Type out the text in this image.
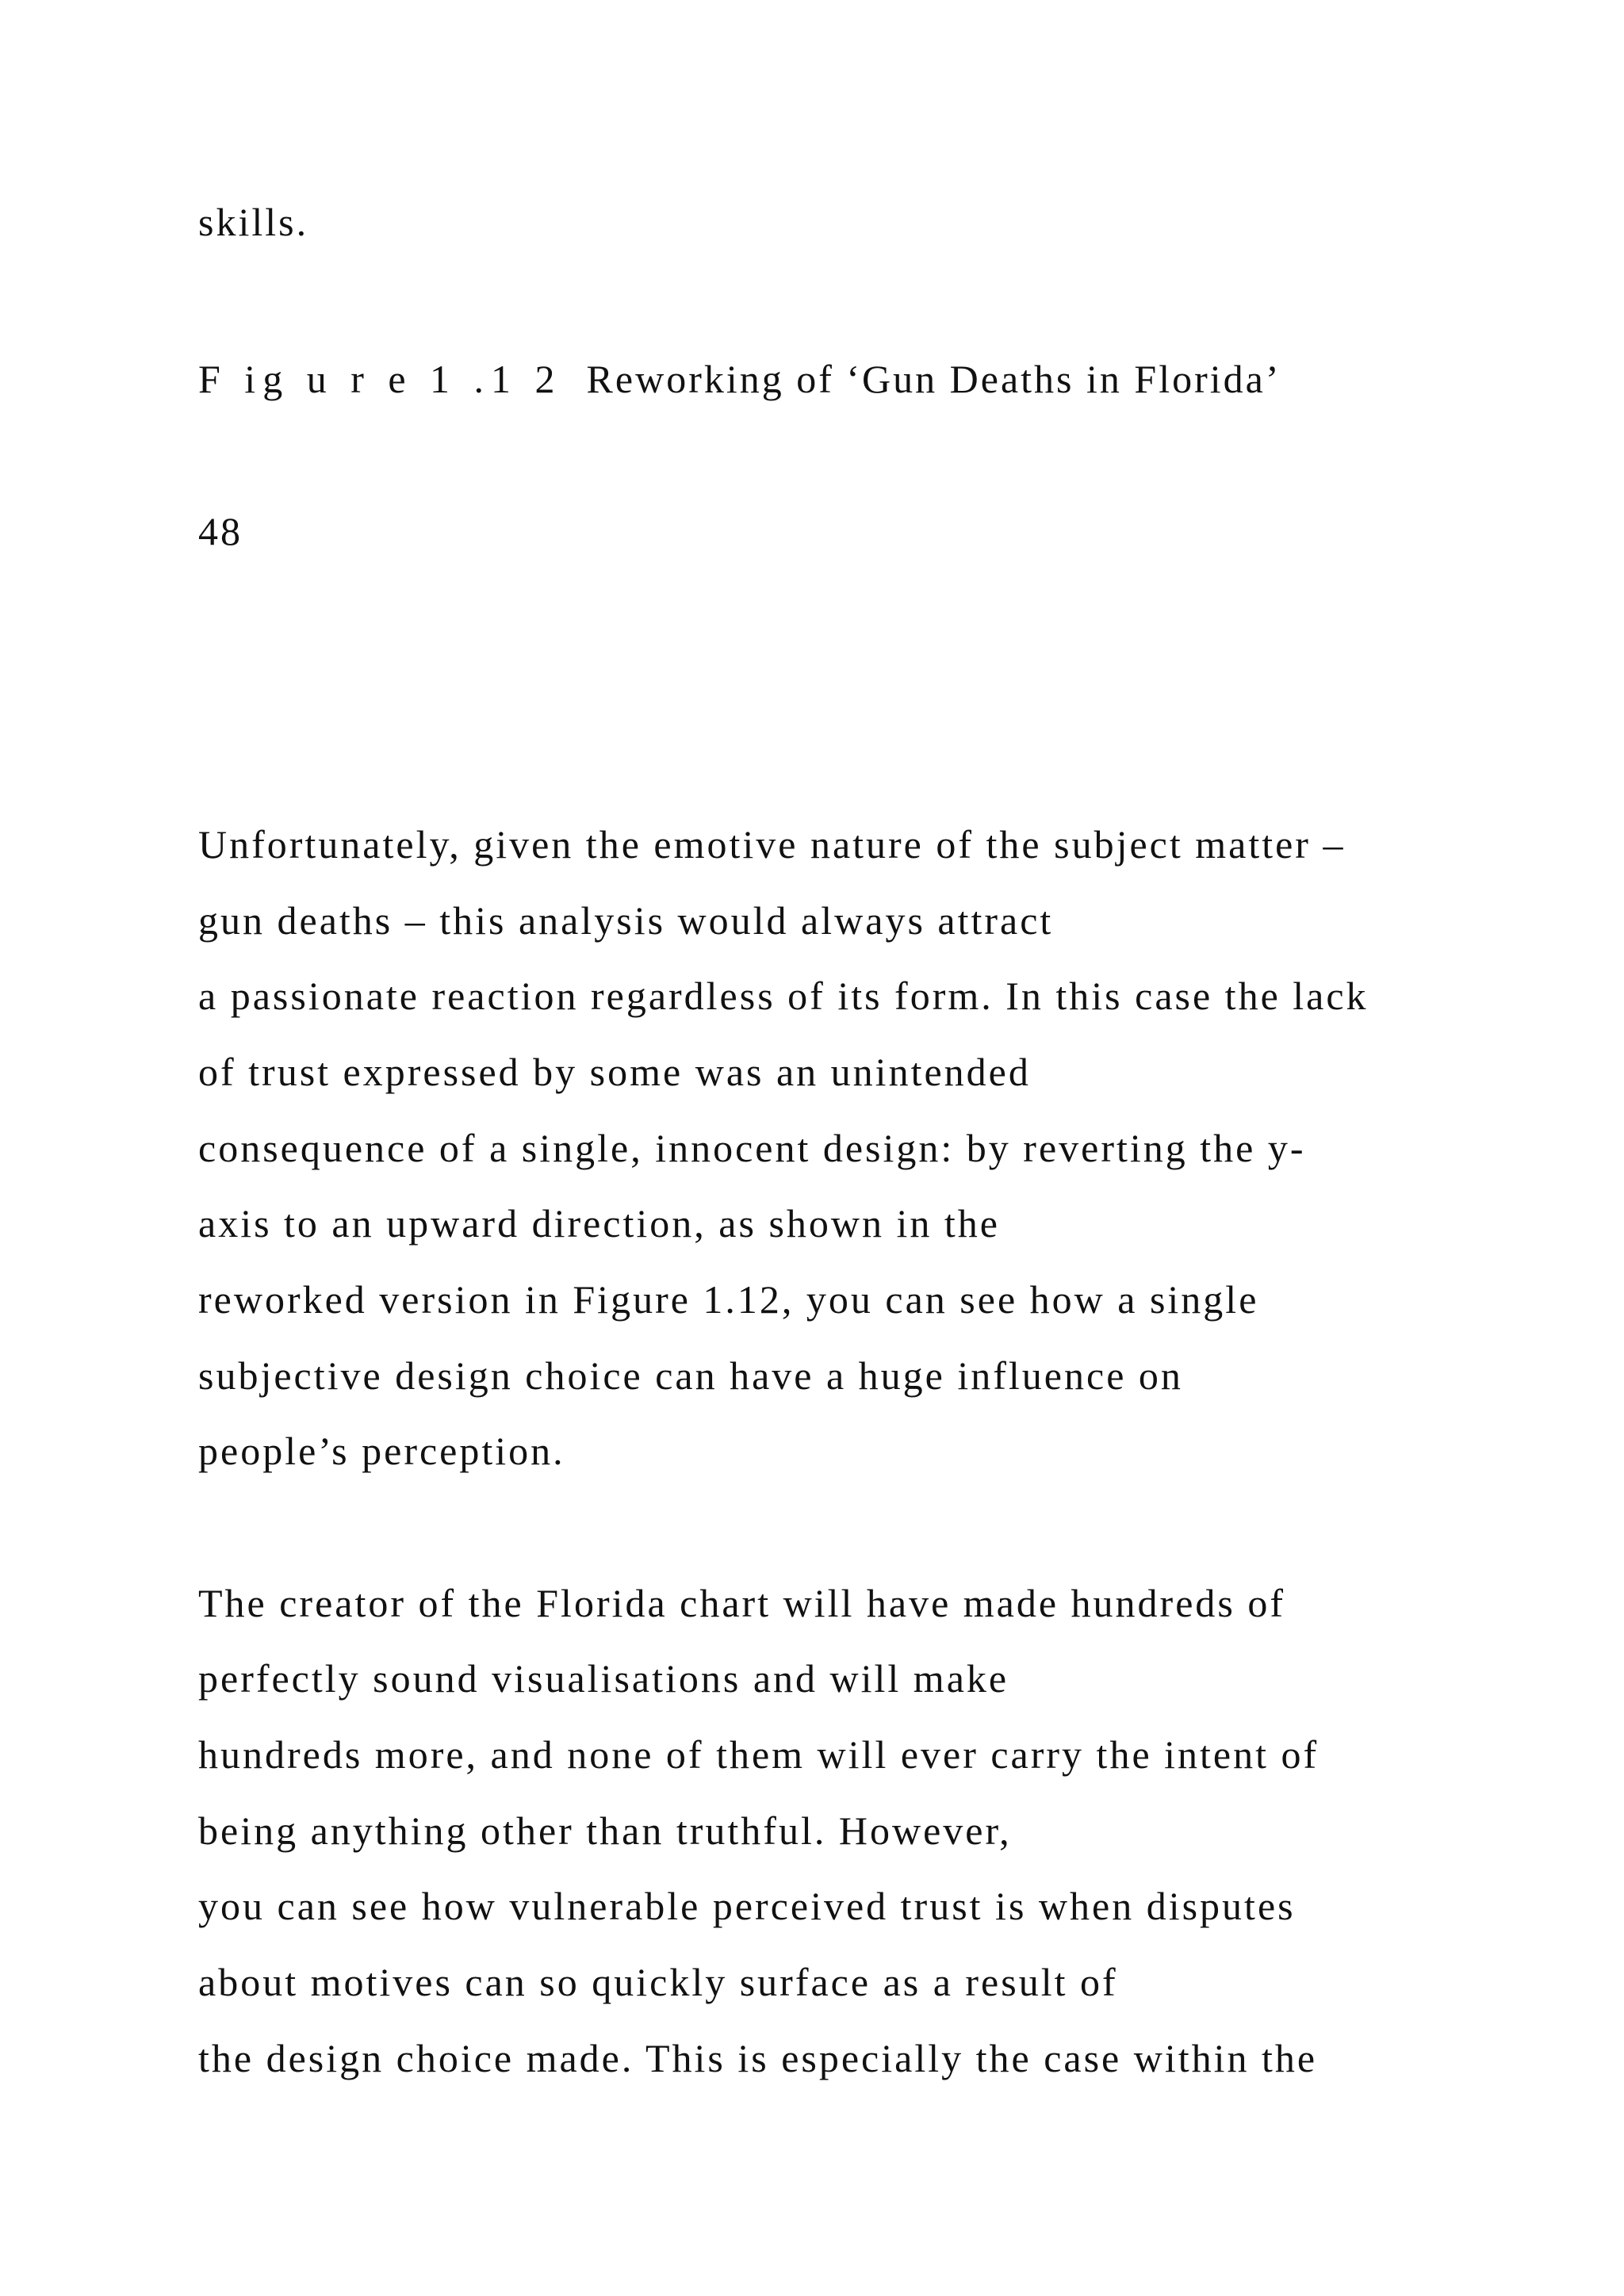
skills.
F ig u r e 1 .1 2 Reworking of ‘Gun Deaths in Florida’
48
Unfortunately, given the emotive nature of the subject matter –
gun deaths – this analysis would always attract
a passionate reaction regardless of its form. In this case the lack
of trust expressed by some was an unintended
consequence of a single, innocent design: by reverting the y-
axis to an upward direction, as shown in the
reworked version in Figure 1.12, you can see how a single
subjective design choice can have a huge influence on
people’s perception.
The creator of the Florida chart will have made hundreds of
perfectly sound visualisations and will make
hundreds more, and none of them will ever carry the intent of
being anything other than truthful. However,
you can see how vulnerable perceived trust is when disputes
about motives can so quickly surface as a result of
the design choice made. This is especially the case within the
